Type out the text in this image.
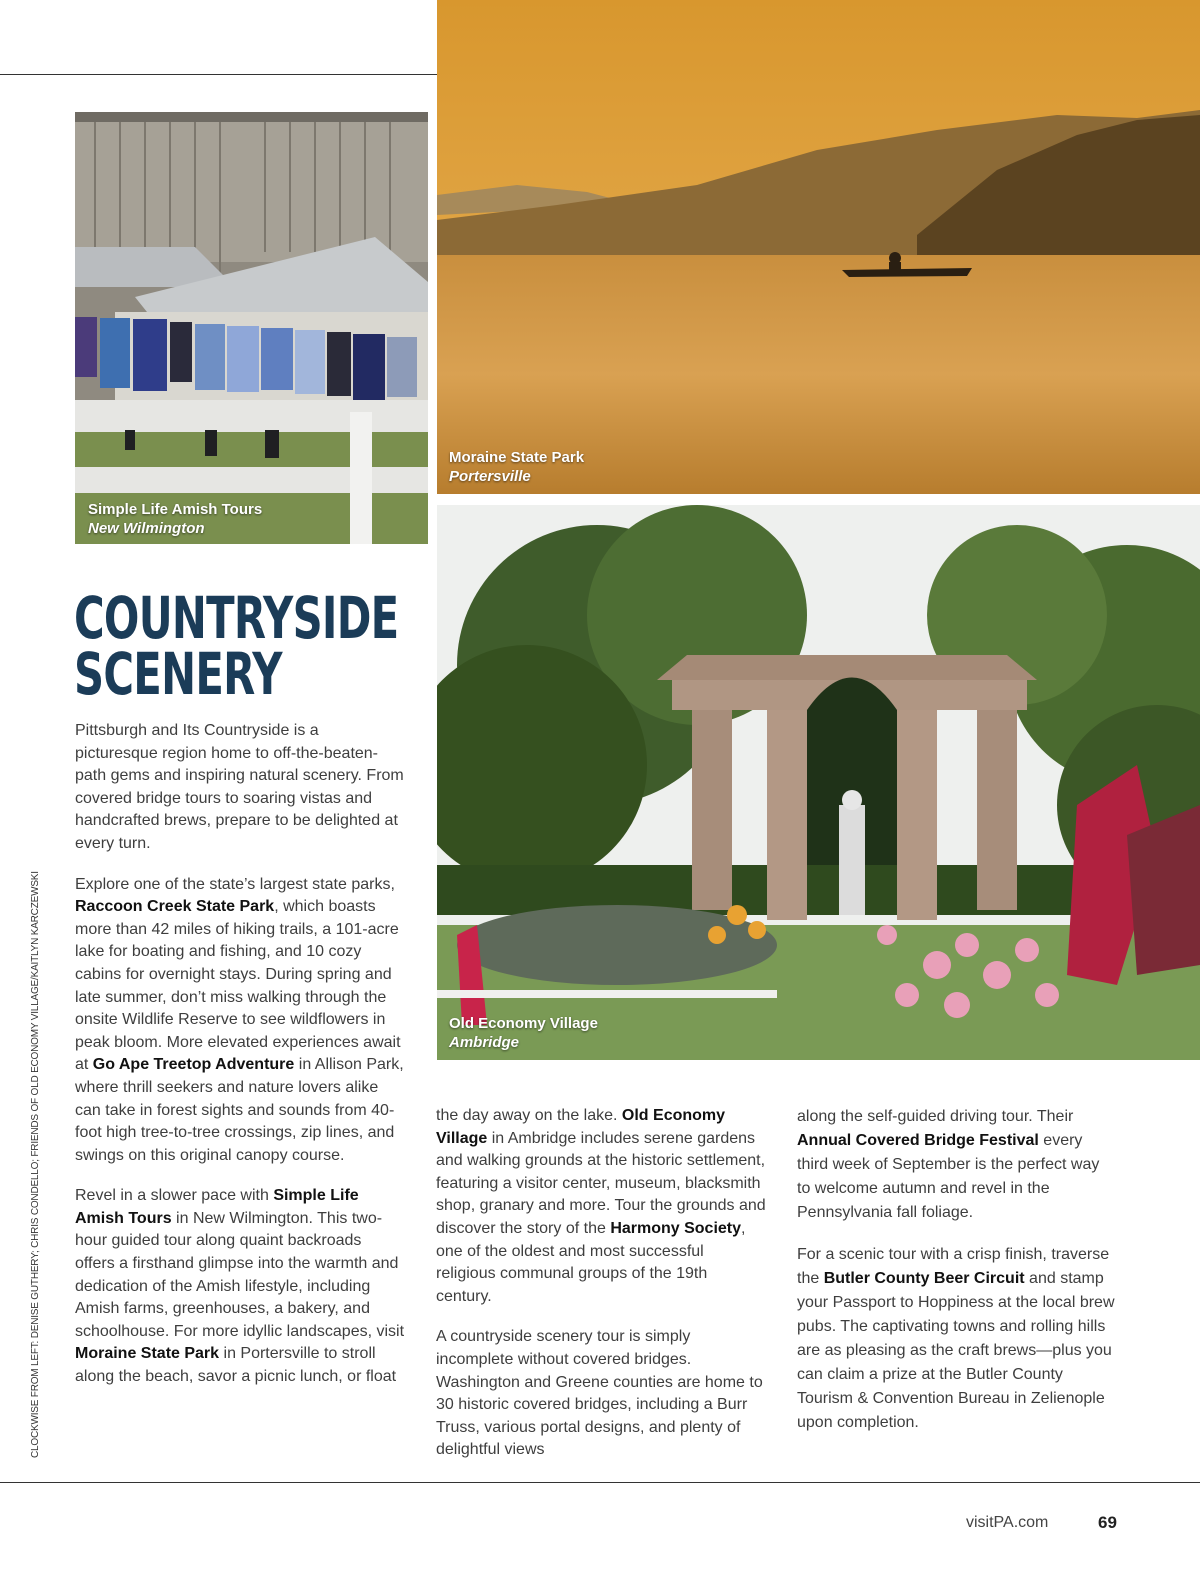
Simple Life Amish Tours
New Wilmington
Moraine State Park
Portersville
Old Economy Village
Ambridge
COUNTRYSIDE
SCENERY

Pittsburgh and Its Countryside is a picturesque region home to off-the-beaten-path gems and inspiring natural scenery. From covered bridge tours to soaring vistas and handcrafted brews, prepare to be delighted at every turn.

Explore one of the state’s largest state parks, Raccoon Creek State Park, which boasts more than 42 miles of hiking trails, a 101-acre lake for boating and fishing, and 10 cozy cabins for overnight stays. During spring and late summer, don’t miss walking through the onsite Wildlife Reserve to see wildflowers in peak bloom. More elevated experiences await at Go Ape Treetop Adventure in Allison Park, where thrill seekers and nature lovers alike can take in forest sights and sounds from 40-foot high tree-to-tree crossings, zip lines, and swings on this original canopy course.

Revel in a slower pace with Simple Life Amish Tours in New Wilmington. This two-hour guided tour along quaint backroads offers a firsthand glimpse into the warmth and dedication of the Amish lifestyle, including Amish farms, greenhouses, a bakery, and schoolhouse. For more idyllic landscapes, visit Moraine State Park in Portersville to stroll along the beach, savor a picnic lunch, or float

the day away on the lake. Old Economy Village in Ambridge includes serene gardens and walking grounds at the historic settlement, featuring a visitor center, museum, blacksmith shop, granary and more. Tour the grounds and discover the story of the Harmony Society, one of the oldest and most successful religious communal groups of the 19th century.

A countryside scenery tour is simply incomplete without covered bridges. Washington and Greene counties are home to 30 historic covered bridges, including a Burr Truss, various portal designs, and plenty of delightful views

along the self-guided driving tour. Their Annual Covered Bridge Festival every third week of September is the perfect way to welcome autumn and revel in the Pennsylvania fall foliage.

For a scenic tour with a crisp finish, traverse the Butler County Beer Circuit and stamp your Passport to Hoppiness at the local brew pubs. The captivating towns and rolling hills are as pleasing as the craft brews—plus you can claim a prize at the Butler County Tourism & Convention Bureau in Zelienople upon completion.

CLOCKWISE FROM LEFT: DENISE GUTHERY; CHRIS CONDELLO; FRIENDS OF OLD ECONOMY VILLAGE/KAITLYN KARCZEWSKI
visitPA.com	69
